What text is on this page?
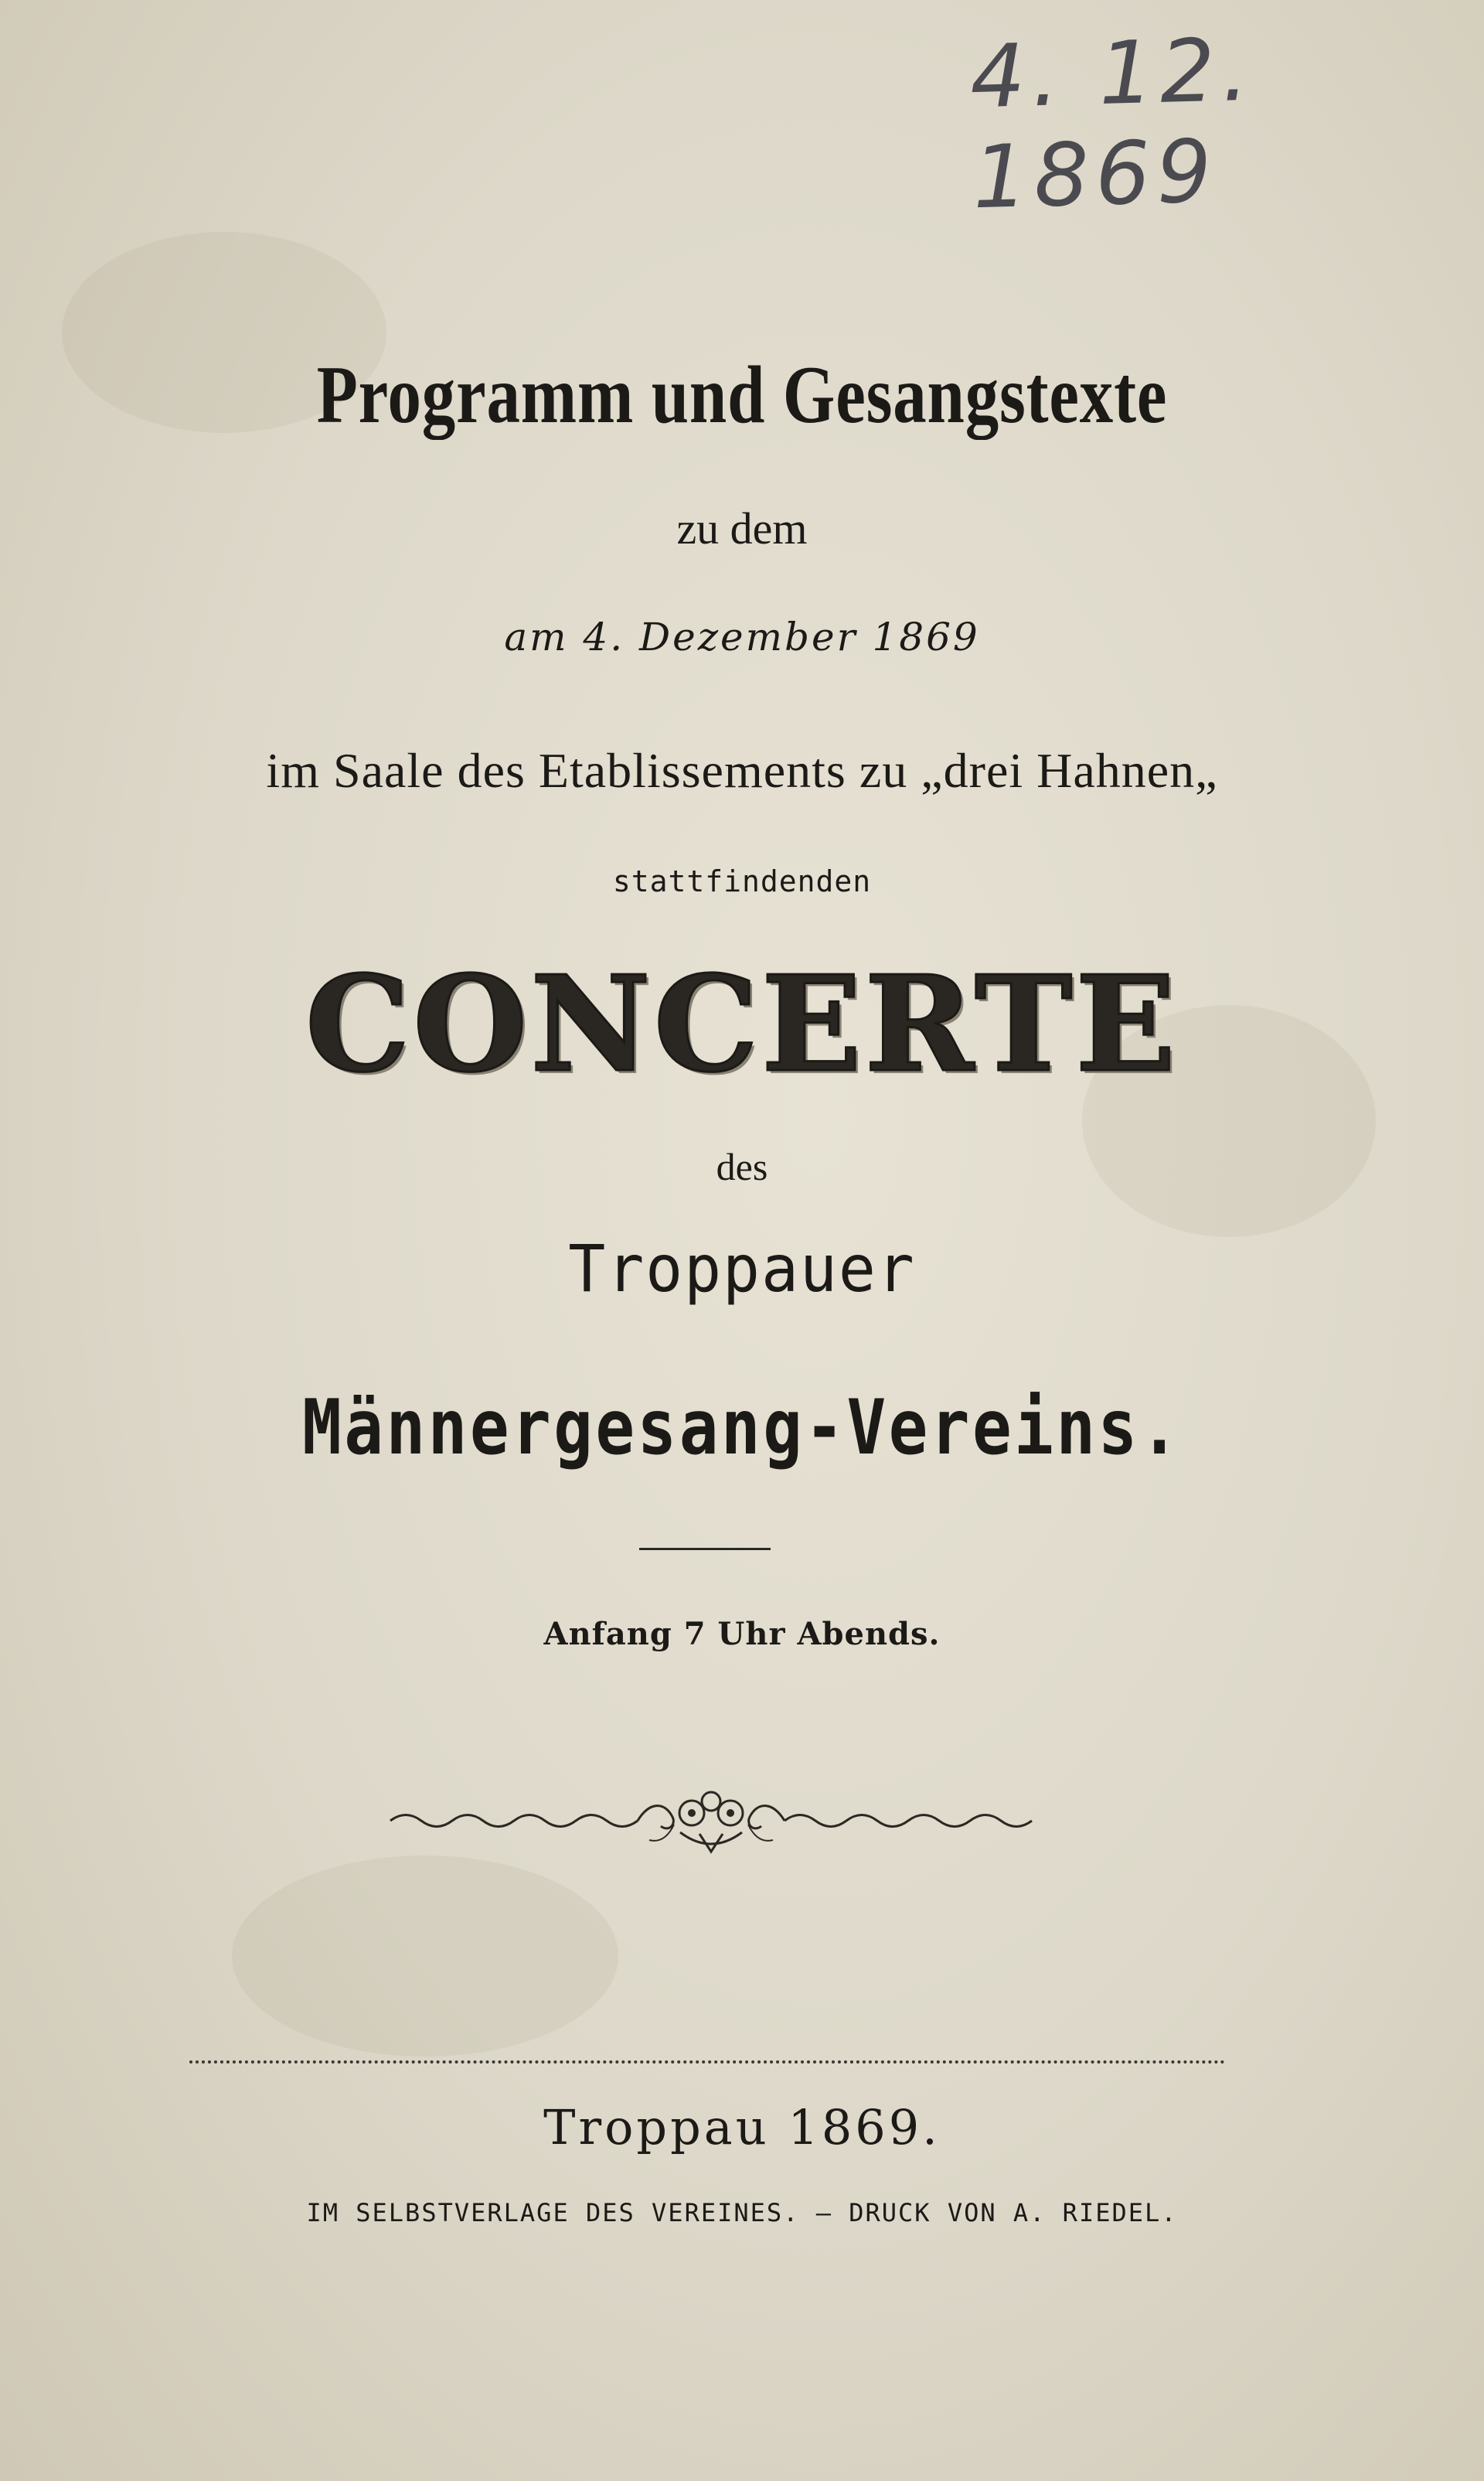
4. 12. 1869
Programm und Gesangstexte
zu dem
am 4. Dezember 1869
im Saale des Etablissements zu „drei Hahnen„
stattfindenden
CONCERTE
des
Troppauer
Männergesang-Vereins.
Anfang 7 Uhr Abends.
Troppau 1869.
IM SELBSTVERLAGE DES VEREINES. — DRUCK VON A. RIEDEL.
